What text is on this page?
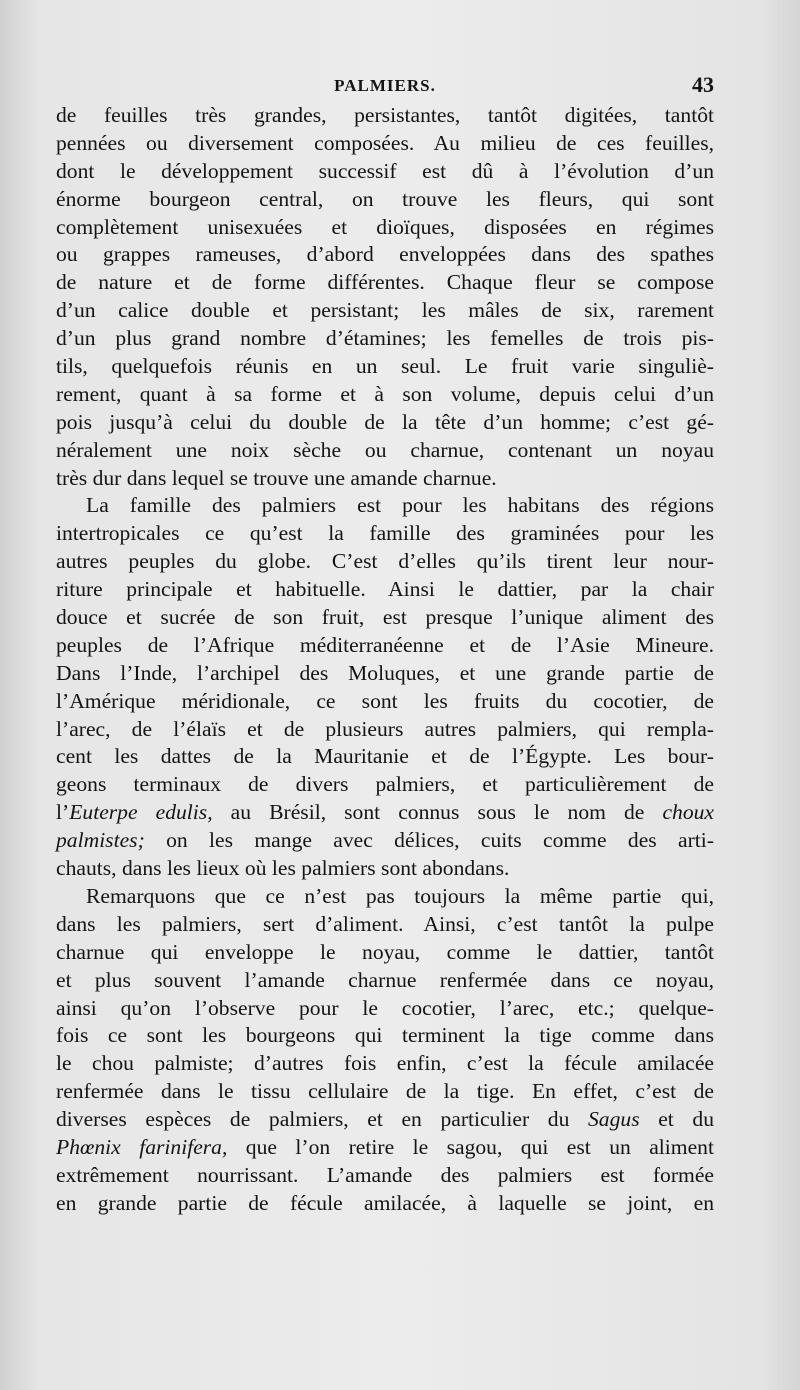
PALMIERS.	43
de feuilles très grandes, persistantes, tantôt digitées, tantôt
pennées ou diversement composées. Au milieu de ces feuilles,
dont le développement successif est dû à l’évolution d’un
énorme bourgeon central, on trouve les fleurs, qui sont
complètement unisexuées et dioïques, disposées en régimes
ou grappes rameuses, d’abord enveloppées dans des spathes
de nature et de forme différentes. Chaque fleur se compose
d’un calice double et persistant; les mâles de six, rarement
d’un plus grand nombre d’étamines; les femelles de trois pis-
tils, quelquefois réunis en un seul. Le fruit varie singuliè-
rement, quant à sa forme et à son volume, depuis celui d’un
pois jusqu’à celui du double de la tête d’un homme; c’est gé-
néralement une noix sèche ou charnue, contenant un noyau
très dur dans lequel se trouve une amande charnue.
La famille des palmiers est pour les habitans des régions
intertropicales ce qu’est la famille des graminées pour les
autres peuples du globe. C’est d’elles qu’ils tirent leur nour-
riture principale et habituelle. Ainsi le dattier, par la chair
douce et sucrée de son fruit, est presque l’unique aliment des
peuples de l’Afrique méditerranéenne et de l’Asie Mineure.
Dans l’Inde, l’archipel des Moluques, et une grande partie de
l’Amérique méridionale, ce sont les fruits du cocotier, de
l’arec, de l’élaïs et de plusieurs autres palmiers, qui rempla-
cent les dattes de la Mauritanie et de l’Égypte. Les bour-
geons terminaux de divers palmiers, et particulièrement de
l’Euterpe edulis, au Brésil, sont connus sous le nom de choux
palmistes; on les mange avec délices, cuits comme des arti-
chauts, dans les lieux où les palmiers sont abondans.
Remarquons que ce n’est pas toujours la même partie qui,
dans les palmiers, sert d’aliment. Ainsi, c’est tantôt la pulpe
charnue qui enveloppe le noyau, comme le dattier, tantôt
et plus souvent l’amande charnue renfermée dans ce noyau,
ainsi qu’on l’observe pour le cocotier, l’arec, etc.; quelque-
fois ce sont les bourgeons qui terminent la tige comme dans
le chou palmiste; d’autres fois enfin, c’est la fécule amilacée
renfermée dans le tissu cellulaire de la tige. En effet, c’est de
diverses espèces de palmiers, et en particulier du Sagus et du
Phœnix farinifera, que l’on retire le sagou, qui est un aliment
extrêmement nourrissant. L’amande des palmiers est formée
en grande partie de fécule amilacée, à laquelle se joint, en
